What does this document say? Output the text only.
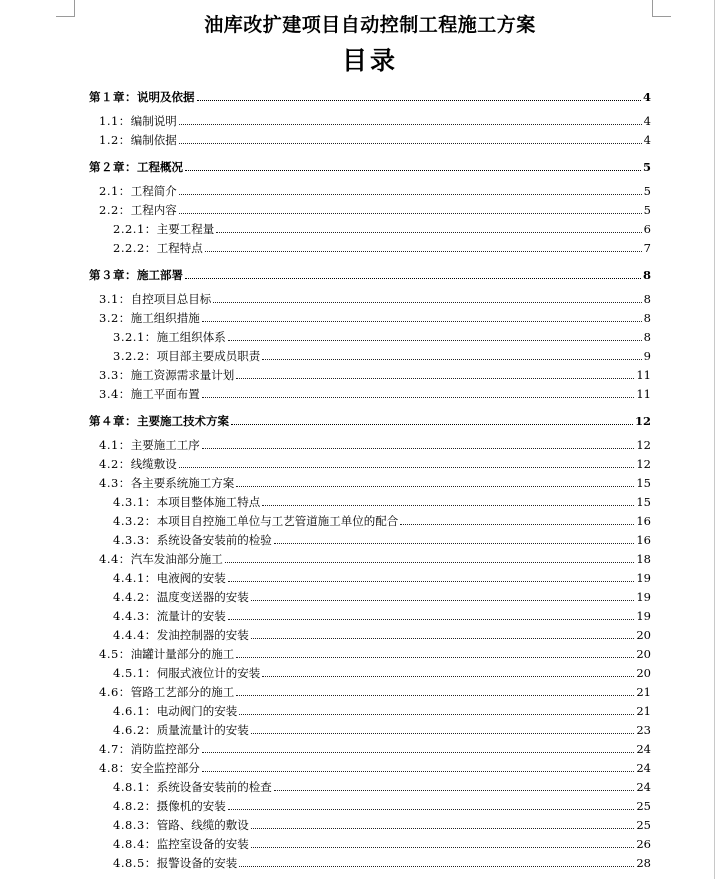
油库改扩建项目自动控制工程施工方案
目录
第１章： 说明及依据	4
1.1： 编制说明	4
1.2： 编制依据	4
第２章： 工程概况	5
2.1： 工程简介	5
2.2： 工程内容	5
2.2.1： 主要工程量	6
2.2.2： 工程特点	7
第３章： 施工部署	8
3.1： 自控项目总目标	8
3.2： 施工组织措施	8
3.2.1： 施工组织体系	8
3.2.2： 项目部主要成员职责	9
3.3： 施工资源需求量计划	11
3.4： 施工平面布置	11
第４章： 主要施工技术方案	12
4.1： 主要施工工序	12
4.2： 线缆敷设	12
4.3： 各主要系统施工方案	15
4.3.1： 本项目整体施工特点	15
4.3.2： 本项目自控施工单位与工艺管道施工单位的配合	16
4.3.3： 系统设备安装前的检验	16
4.4： 汽车发油部分施工	18
4.4.1： 电液阀的安装	19
4.4.2： 温度变送器的安装	19
4.4.3： 流量计的安装	19
4.4.4： 发油控制器的安装	20
4.5： 油罐计量部分的施工	20
4.5.1： 伺服式液位计的安装	20
4.6： 管路工艺部分的施工	21
4.6.1： 电动阀门的安装	21
4.6.2： 质量流量计的安装	23
4.7： 消防监控部分	24
4.8： 安全监控部分	24
4.8.1： 系统设备安装前的检查	24
4.8.2： 摄像机的安装	25
4.8.3： 管路、线缆的敷设	25
4.8.4： 监控室设备的安装	26
4.8.5： 报警设备的安装	28
